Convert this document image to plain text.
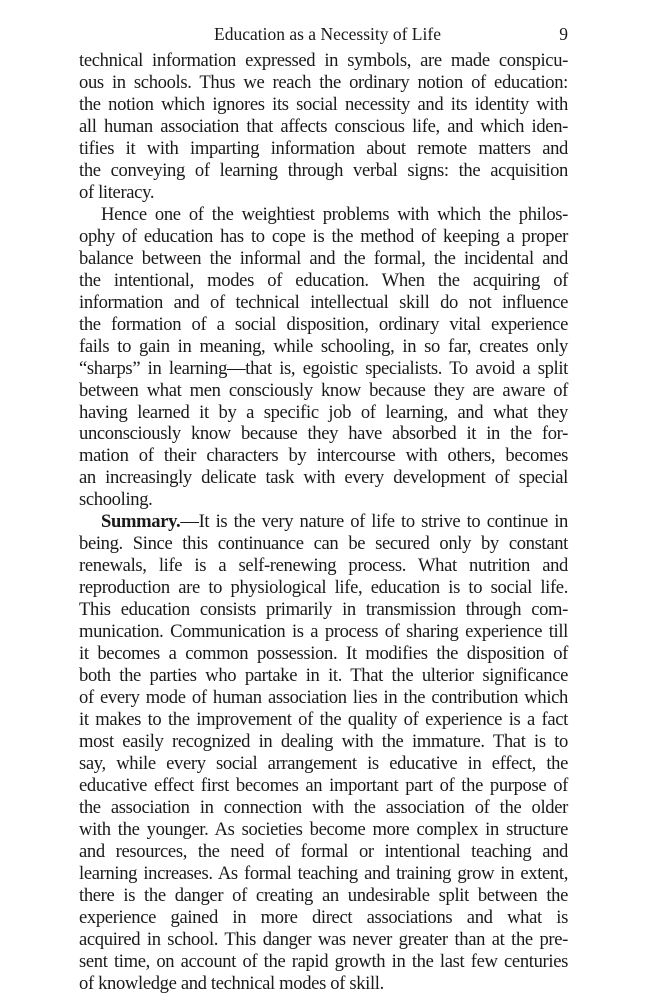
Education as a Necessity of Life	9
technical information expressed in symbols, are made conspicu-
ous in schools. Thus we reach the ordinary notion of education:
the notion which ignores its social necessity and its identity with
all human association that affects conscious life, and which iden-
tifies it with imparting information about remote matters and
the conveying of learning through verbal signs: the acquisition
of literacy.
Hence one of the weightiest problems with which the philos-
ophy of education has to cope is the method of keeping a proper
balance between the informal and the formal, the incidental and
the intentional, modes of education. When the acquiring of
information and of technical intellectual skill do not influence
the formation of a social disposition, ordinary vital experience
fails to gain in meaning, while schooling, in so far, creates only
“sharps” in learning—that is, egoistic specialists. To avoid a split
between what men consciously know because they are aware of
having learned it by a specific job of learning, and what they
unconsciously know because they have absorbed it in the for-
mation of their characters by intercourse with others, becomes
an increasingly delicate task with every development of special
schooling.
Summary.—It is the very nature of life to strive to continue in
being. Since this continuance can be secured only by constant
renewals, life is a self-renewing process. What nutrition and
reproduction are to physiological life, education is to social life.
This education consists primarily in transmission through com-
munication. Communication is a process of sharing experience till
it becomes a common possession. It modifies the disposition of
both the parties who partake in it. That the ulterior significance
of every mode of human association lies in the contribution which
it makes to the improvement of the quality of experience is a fact
most easily recognized in dealing with the immature. That is to
say, while every social arrangement is educative in effect, the
educative effect first becomes an important part of the purpose of
the association in connection with the association of the older
with the younger. As societies become more complex in structure
and resources, the need of formal or intentional teaching and
learning increases. As formal teaching and training grow in extent,
there is the danger of creating an undesirable split between the
experience gained in more direct associations and what is
acquired in school. This danger was never greater than at the pre-
sent time, on account of the rapid growth in the last few centuries
of knowledge and technical modes of skill.
